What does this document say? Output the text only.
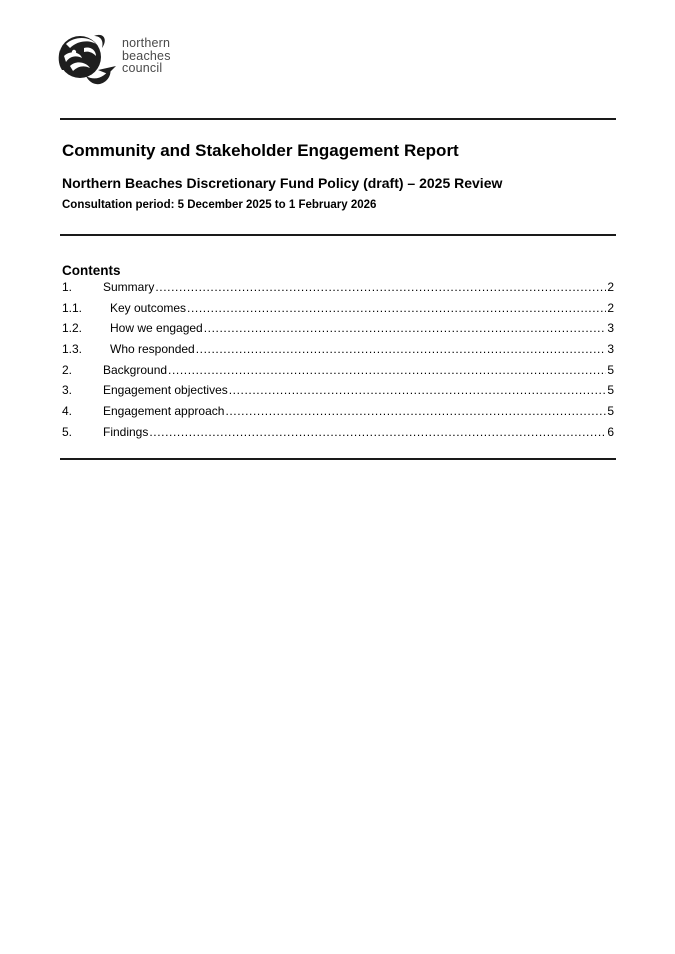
northern
beaches
council
Community and Stakeholder Engagement Report
Northern Beaches Discretionary Fund Policy (draft) – 2025 Review

Consultation period: 5 December 2025 to 1 February 2026

Contents
1.	Summary .....	2
1.1.	Key outcomes .....	2
1.2.	How we engaged .....	3
1.3.	Who responded .....	3
2.	Background .....	5
3.	Engagement objectives .....	5
4.	Engagement approach .....	5
5.	Findings .....	6
